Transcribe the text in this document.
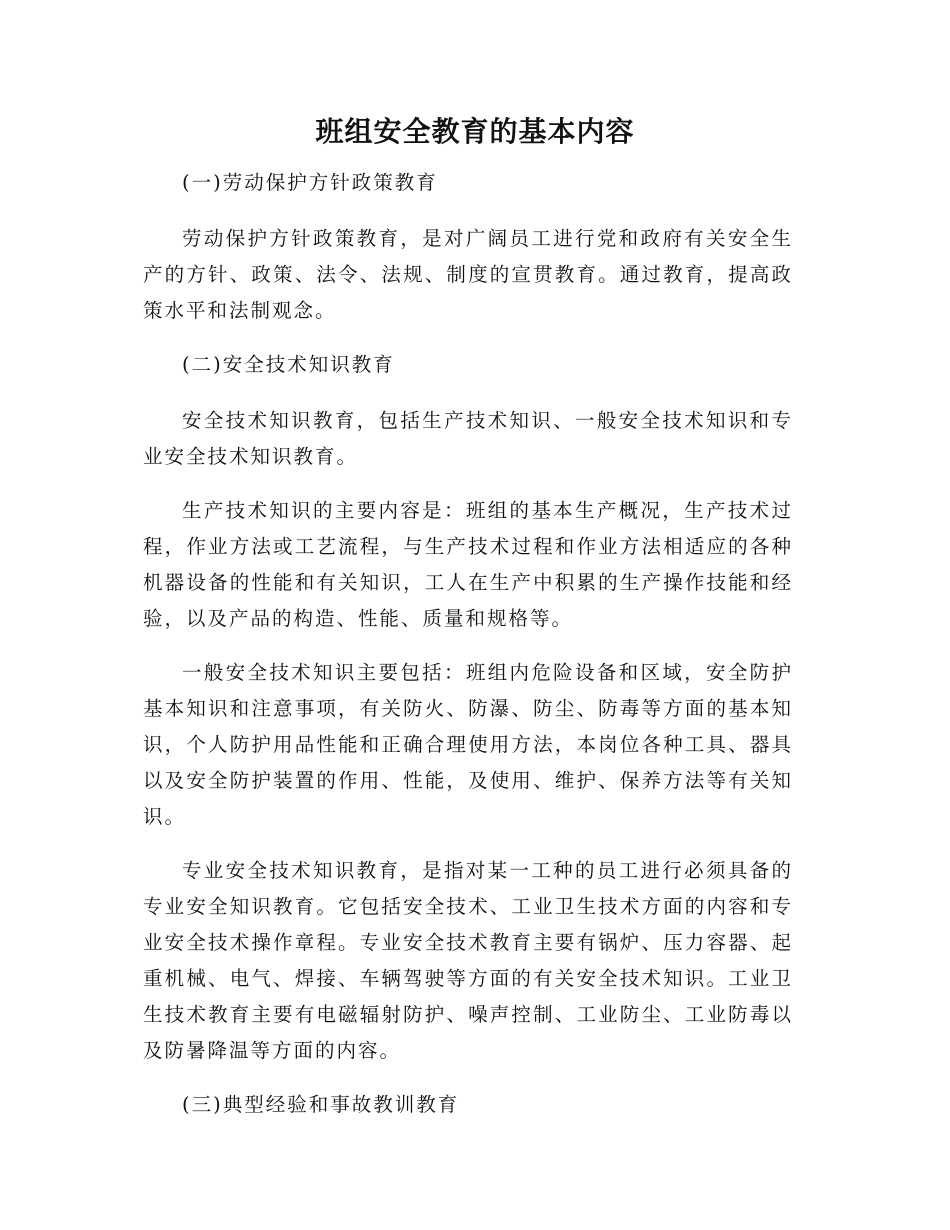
班组安全教育的基本内容

(一)劳动保护方针政策教育

劳动保护方针政策教育，是对广阔员工进行党和政府有关安全生产的方针、政策、法令、法规、制度的宣贯教育。通过教育，提高政策水平和法制观念。

(二)安全技术知识教育

安全技术知识教育，包括生产技术知识、一般安全技术知识和专业安全技术知识教育。

生产技术知识的主要内容是：班组的基本生产概况，生产技术过程，作业方法或工艺流程，与生产技术过程和作业方法相适应的各种机器设备的性能和有关知识，工人在生产中积累的生产操作技能和经验，以及产品的构造、性能、质量和规格等。

一般安全技术知识主要包括：班组内危险设备和区域，安全防护基本知识和注意事项，有关防火、防瀑、防尘、防毒等方面的基本知识，个人防护用品性能和正确合理使用方法，本岗位各种工具、器具以及安全防护装置的作用、性能，及使用、维护、保养方法等有关知识。

专业安全技术知识教育，是指对某一工种的员工进行必须具备的专业安全知识教育。它包括安全技术、工业卫生技术方面的内容和专业安全技术操作章程。专业安全技术教育主要有锅炉、压力容器、起重机械、电气、焊接、车辆驾驶等方面的有关安全技术知识。工业卫生技术教育主要有电磁辐射防护、噪声控制、工业防尘、工业防毒以及防暑降温等方面的内容。

(三)典型经验和事故教训教育
